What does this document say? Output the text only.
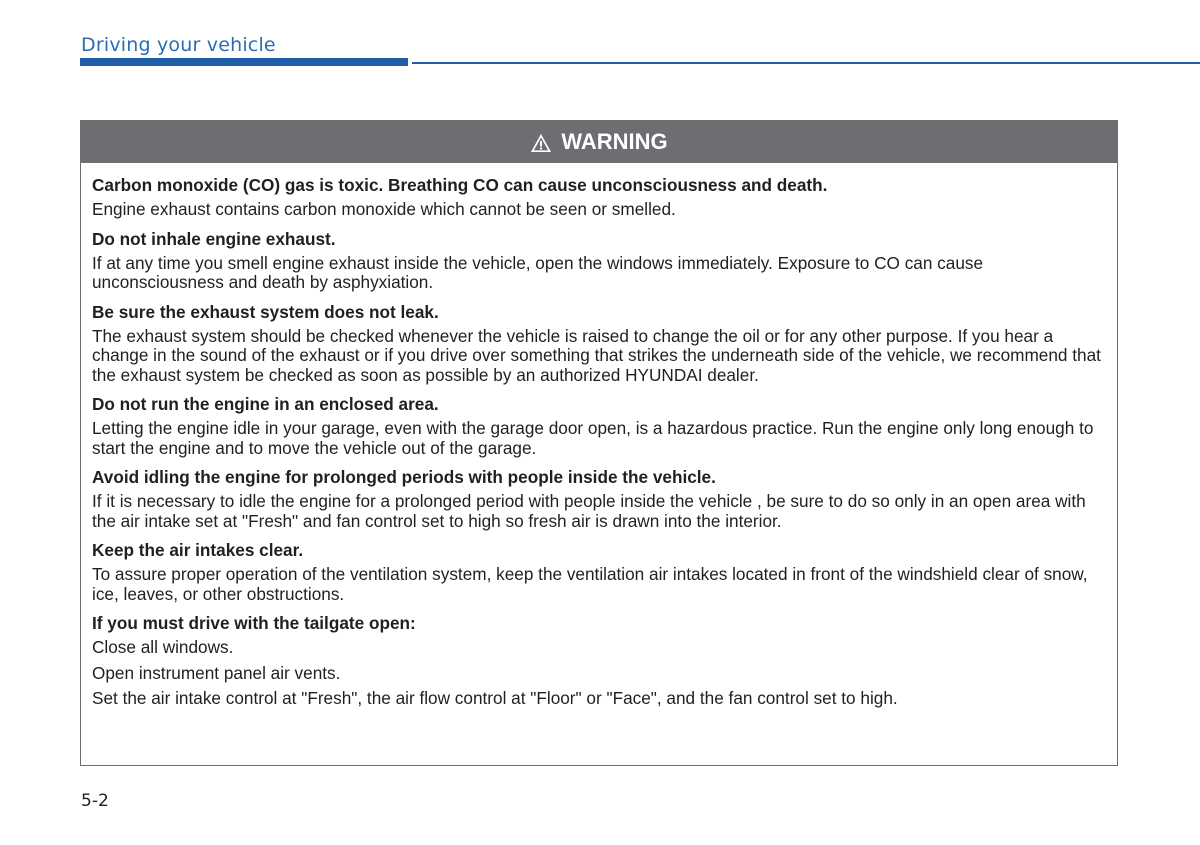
Driving your vehicle
WARNING
Carbon monoxide (CO) gas is toxic. Breathing CO can cause unconsciousness and death.
Engine exhaust contains carbon monoxide which cannot be seen or smelled.
Do not inhale engine exhaust.
If at any time you smell engine exhaust inside the vehicle, open the windows immediately. Exposure to CO can cause unconsciousness and death by asphyxiation.
Be sure the exhaust system does not leak.
The exhaust system should be checked whenever the vehicle is raised to change the oil or for any other purpose. If you hear a change in the sound of the exhaust or if you drive over something that strikes the underneath side of the vehicle, we recommend that the exhaust system be checked as soon as possible by an authorized HYUNDAI dealer.
Do not run the engine in an enclosed area.
Letting the engine idle in your garage, even with the garage door open, is a hazardous practice. Run the engine only long enough to start the engine and to move the vehicle out of the garage.
Avoid idling the engine for prolonged periods with people inside the vehicle.
If it is necessary to idle the engine for a prolonged period with people inside the vehicle , be sure to do so only in an open area with the air intake set at "Fresh" and fan control set to high so fresh air is drawn into the interior.
Keep the air intakes clear.
To assure proper operation of the ventilation system, keep the ventilation air intakes located in front of the windshield clear of snow, ice, leaves, or other obstructions.
If you must drive with the tailgate open:
Close all windows.
Open instrument panel air vents.
Set the air intake control at "Fresh", the air flow control at "Floor" or "Face", and the fan control set to high.
5-2
